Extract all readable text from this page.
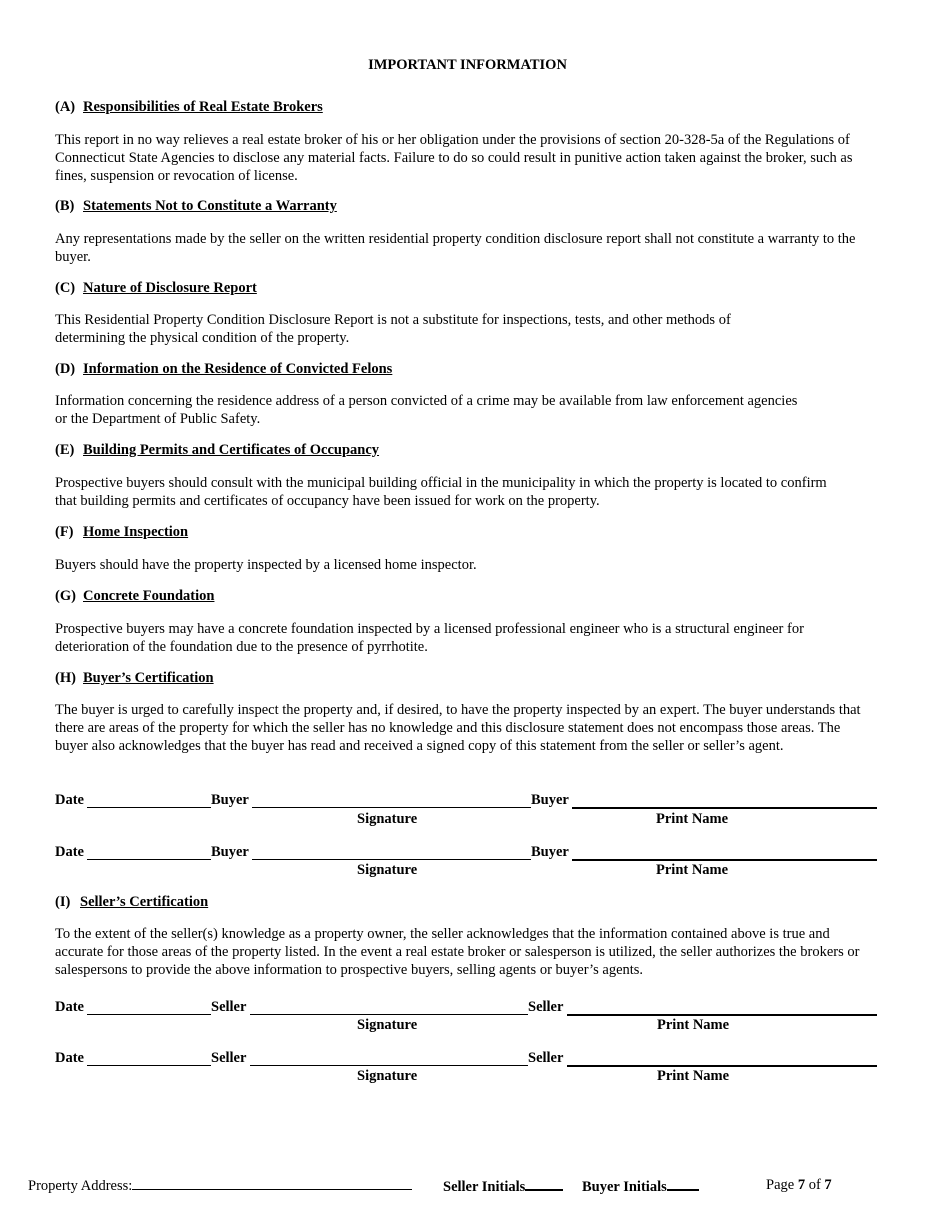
IMPORTANT INFORMATION
(A) Responsibilities of Real Estate Brokers
This report in no way relieves a real estate broker of his or her obligation under the provisions of section 20-328-5a of the Regulations of Connecticut State Agencies to disclose any material facts. Failure to do so could result in punitive action taken against the broker, such as fines, suspension or revocation of license.
(B) Statements Not to Constitute a Warranty
Any representations made by the seller on the written residential property condition disclosure report shall not constitute a warranty to the buyer.
(C) Nature of Disclosure Report
This Residential Property Condition Disclosure Report is not a substitute for inspections, tests, and other methods of determining the physical condition of the property.
(D) Information on the Residence of Convicted Felons
Information concerning the residence address of a person convicted of a crime may be available from law enforcement agencies or the Department of Public Safety.
(E) Building Permits and Certificates of Occupancy
Prospective buyers should consult with the municipal building official in the municipality in which the property is located to confirm that building permits and certificates of occupancy have been issued for work on the property.
(F) Home Inspection
Buyers should have the property inspected by a licensed home inspector.
(G) Concrete Foundation
Prospective buyers may have a concrete foundation inspected by a licensed professional engineer who is a structural engineer for deterioration of the foundation due to the presence of pyrrhotite.
(H) Buyer’s Certification
The buyer is urged to carefully inspect the property and, if desired, to have the property inspected by an expert. The buyer understands that there are areas of the property for which the seller has no knowledge and this disclosure statement does not encompass those areas. The buyer also acknowledges that the buyer has read and received a signed copy of this statement from the seller or seller’s agent.
Date	Buyer	Buyer
Signature	Print Name
Date	Buyer	Buyer
Signature	Print Name
(I) Seller’s Certification
To the extent of the seller(s) knowledge as a property owner, the seller acknowledges that the information contained above is true and accurate for those areas of the property listed. In the event a real estate broker or salesperson is utilized, the seller authorizes the brokers or salespersons to provide the above information to prospective buyers, selling agents or buyer’s agents.
Date	Seller	Seller
Signature	Print Name
Date	Seller	Seller
Signature	Print Name
Property Address:	Seller Initials	Buyer Initials	Page 7 of 7
